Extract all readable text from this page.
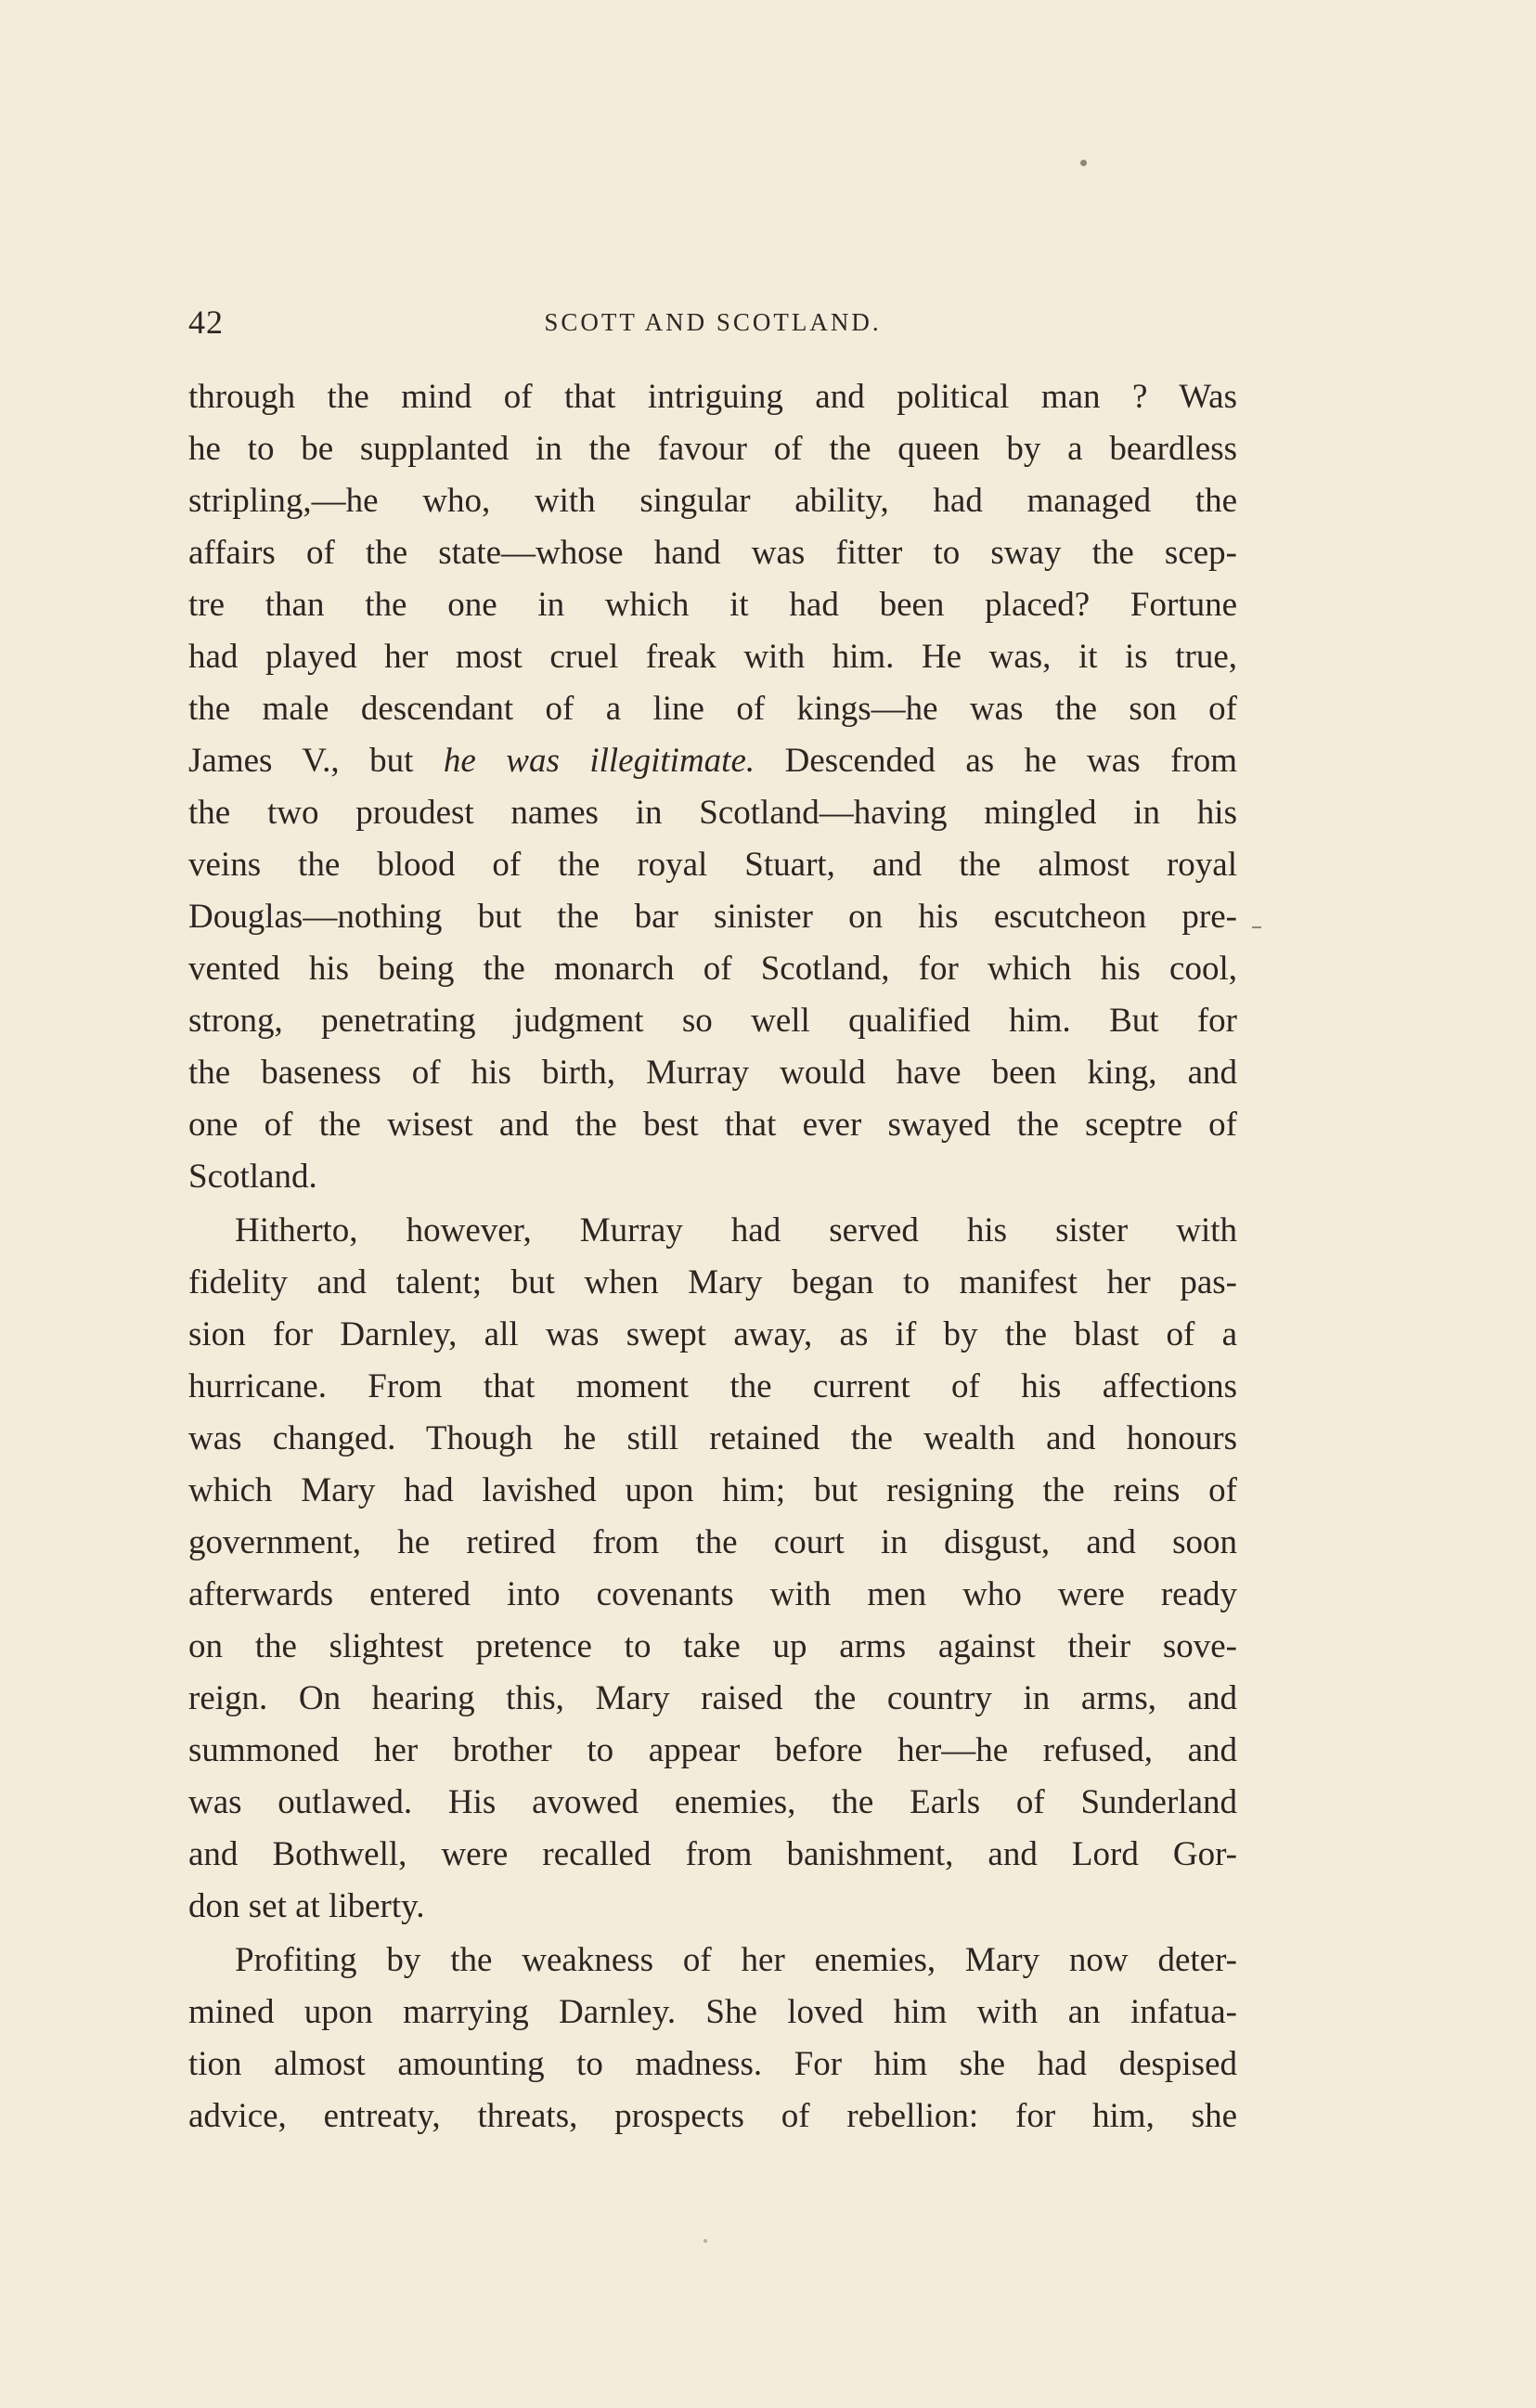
42	SCOTT AND SCOTLAND.
through the mind of that intriguing and political man ? Was
he to be supplanted in the favour of the queen by a beardless
stripling,—he who, with singular ability, had managed the
affairs of the state—whose hand was fitter to sway the scep-
tre than the one in which it had been placed? Fortune
had played her most cruel freak with him. He was, it is true,
the male descendant of a line of kings—he was the son of
James V., but he was illegitimate. Descended as he was from
the two proudest names in Scotland—having mingled in his
veins the blood of the royal Stuart, and the almost royal
Douglas—nothing but the bar sinister on his escutcheon pre-
vented his being the monarch of Scotland, for which his cool,
strong, penetrating judgment so well qualified him. But for
the baseness of his birth, Murray would have been king, and
one of the wisest and the best that ever swayed the sceptre of
Scotland.
Hitherto, however, Murray had served his sister with
fidelity and talent; but when Mary began to manifest her pas-
sion for Darnley, all was swept away, as if by the blast of a
hurricane. From that moment the current of his affections
was changed. Though he still retained the wealth and honours
which Mary had lavished upon him; but resigning the reins of
government, he retired from the court in disgust, and soon
afterwards entered into covenants with men who were ready
on the slightest pretence to take up arms against their sove-
reign. On hearing this, Mary raised the country in arms, and
summoned her brother to appear before her—he refused, and
was outlawed. His avowed enemies, the Earls of Sunderland
and Bothwell, were recalled from banishment, and Lord Gor-
don set at liberty.
Profiting by the weakness of her enemies, Mary now deter-
mined upon marrying Darnley. She loved him with an infatua-
tion almost amounting to madness. For him she had despised
advice, entreaty, threats, prospects of rebellion: for him, she
